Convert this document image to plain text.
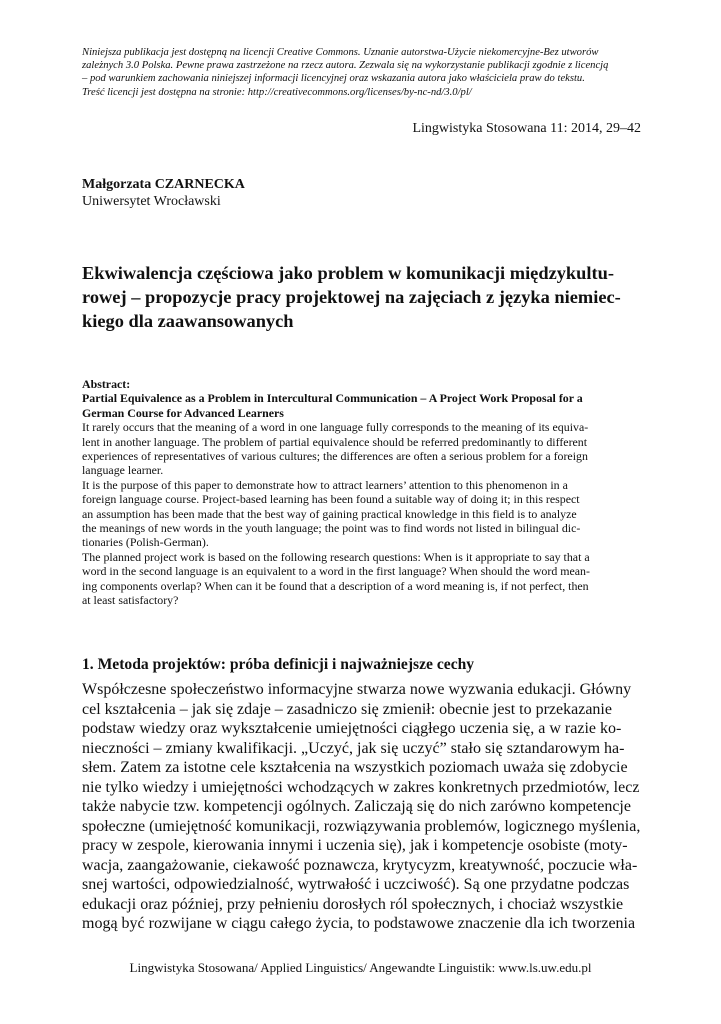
Niniejsza publikacja jest dostępną na licencji Creative Commons. Uznanie autorstwa-Użycie niekomercyjne-Bez utworów
zależnych 3.0 Polska. Pewne prawa zastrzeżone na rzecz autora. Zezwala się na wykorzystanie publikacji zgodnie z licencją
– pod warunkiem zachowania niniejszej informacji licencyjnej oraz wskazania autora jako właściciela praw do tekstu.
Treść licencji jest dostępna na stronie: http://creativecommons.org/licenses/by-nc-nd/3.0/pl/
Lingwistyka Stosowana 11: 2014, 29–42
Małgorzata CZARNECKA
Uniwersytet Wrocławski
Ekwiwalencja częściowa jako problem w komunikacji międzykultu-
rowej – propozycje pracy projektowej na zajęciach z języka niemiec-
kiego dla zaawansowanych
Abstract:
Partial Equivalence as a Problem in Intercultural Communication – A Project Work Proposal for a
German Course for Advanced Learners
It rarely occurs that the meaning of a word in one language fully corresponds to the meaning of its equiva-
lent in another language. The problem of partial equivalence should be referred predominantly to different
experiences of representatives of various cultures; the differences are often a serious problem for a foreign
language learner.
It is the purpose of this paper to demonstrate how to attract learners’ attention to this phenomenon in a
foreign language course. Project-based learning has been found a suitable way of doing it; in this respect
an assumption has been made that the best way of gaining practical knowledge in this field is to analyze
the meanings of new words in the youth language; the point was to find words not listed in bilingual dic-
tionaries (Polish-German).
The planned project work is based on the following research questions: When is it appropriate to say that a
word in the second language is an equivalent to a word in the first language? When should the word mean-
ing components overlap? When can it be found that a description of a word meaning is, if not perfect, then
at least satisfactory?
1. Metoda projektów: próba definicji i najważniejsze cechy
Współczesne społeczeństwo informacyjne stwarza nowe wyzwania edukacji. Główny
cel kształcenia – jak się zdaje – zasadniczo się zmienił: obecnie jest to przekazanie
podstaw wiedzy oraz wykształcenie umiejętności ciągłego uczenia się, a w razie ko-
nieczności – zmiany kwalifikacji. „Uczyć, jak się uczyć” stało się sztandarowym ha-
słem. Zatem za istotne cele kształcenia na wszystkich poziomach uważa się zdobycie
nie tylko wiedzy i umiejętności wchodzących w zakres konkretnych przedmiotów, lecz
także nabycie tzw. kompetencji ogólnych. Zaliczają się do nich zarówno kompetencje
społeczne (umiejętność komunikacji, rozwiązywania problemów, logicznego myślenia,
pracy w zespole, kierowania innymi i uczenia się), jak i kompetencje osobiste (moty-
wacja, zaangażowanie, ciekawość poznawcza, krytycyzm, kreatywność, poczucie wła-
snej wartości, odpowiedzialność, wytrwałość i uczciwość). Są one przydatne podczas
edukacji oraz później, przy pełnieniu dorosłych ról społecznych, i chociaż wszystkie
mogą być rozwijane w ciągu całego życia, to podstawowe znaczenie dla ich tworzenia
Lingwistyka Stosowana/ Applied Linguistics/ Angewandte Linguistik: www.ls.uw.edu.pl
